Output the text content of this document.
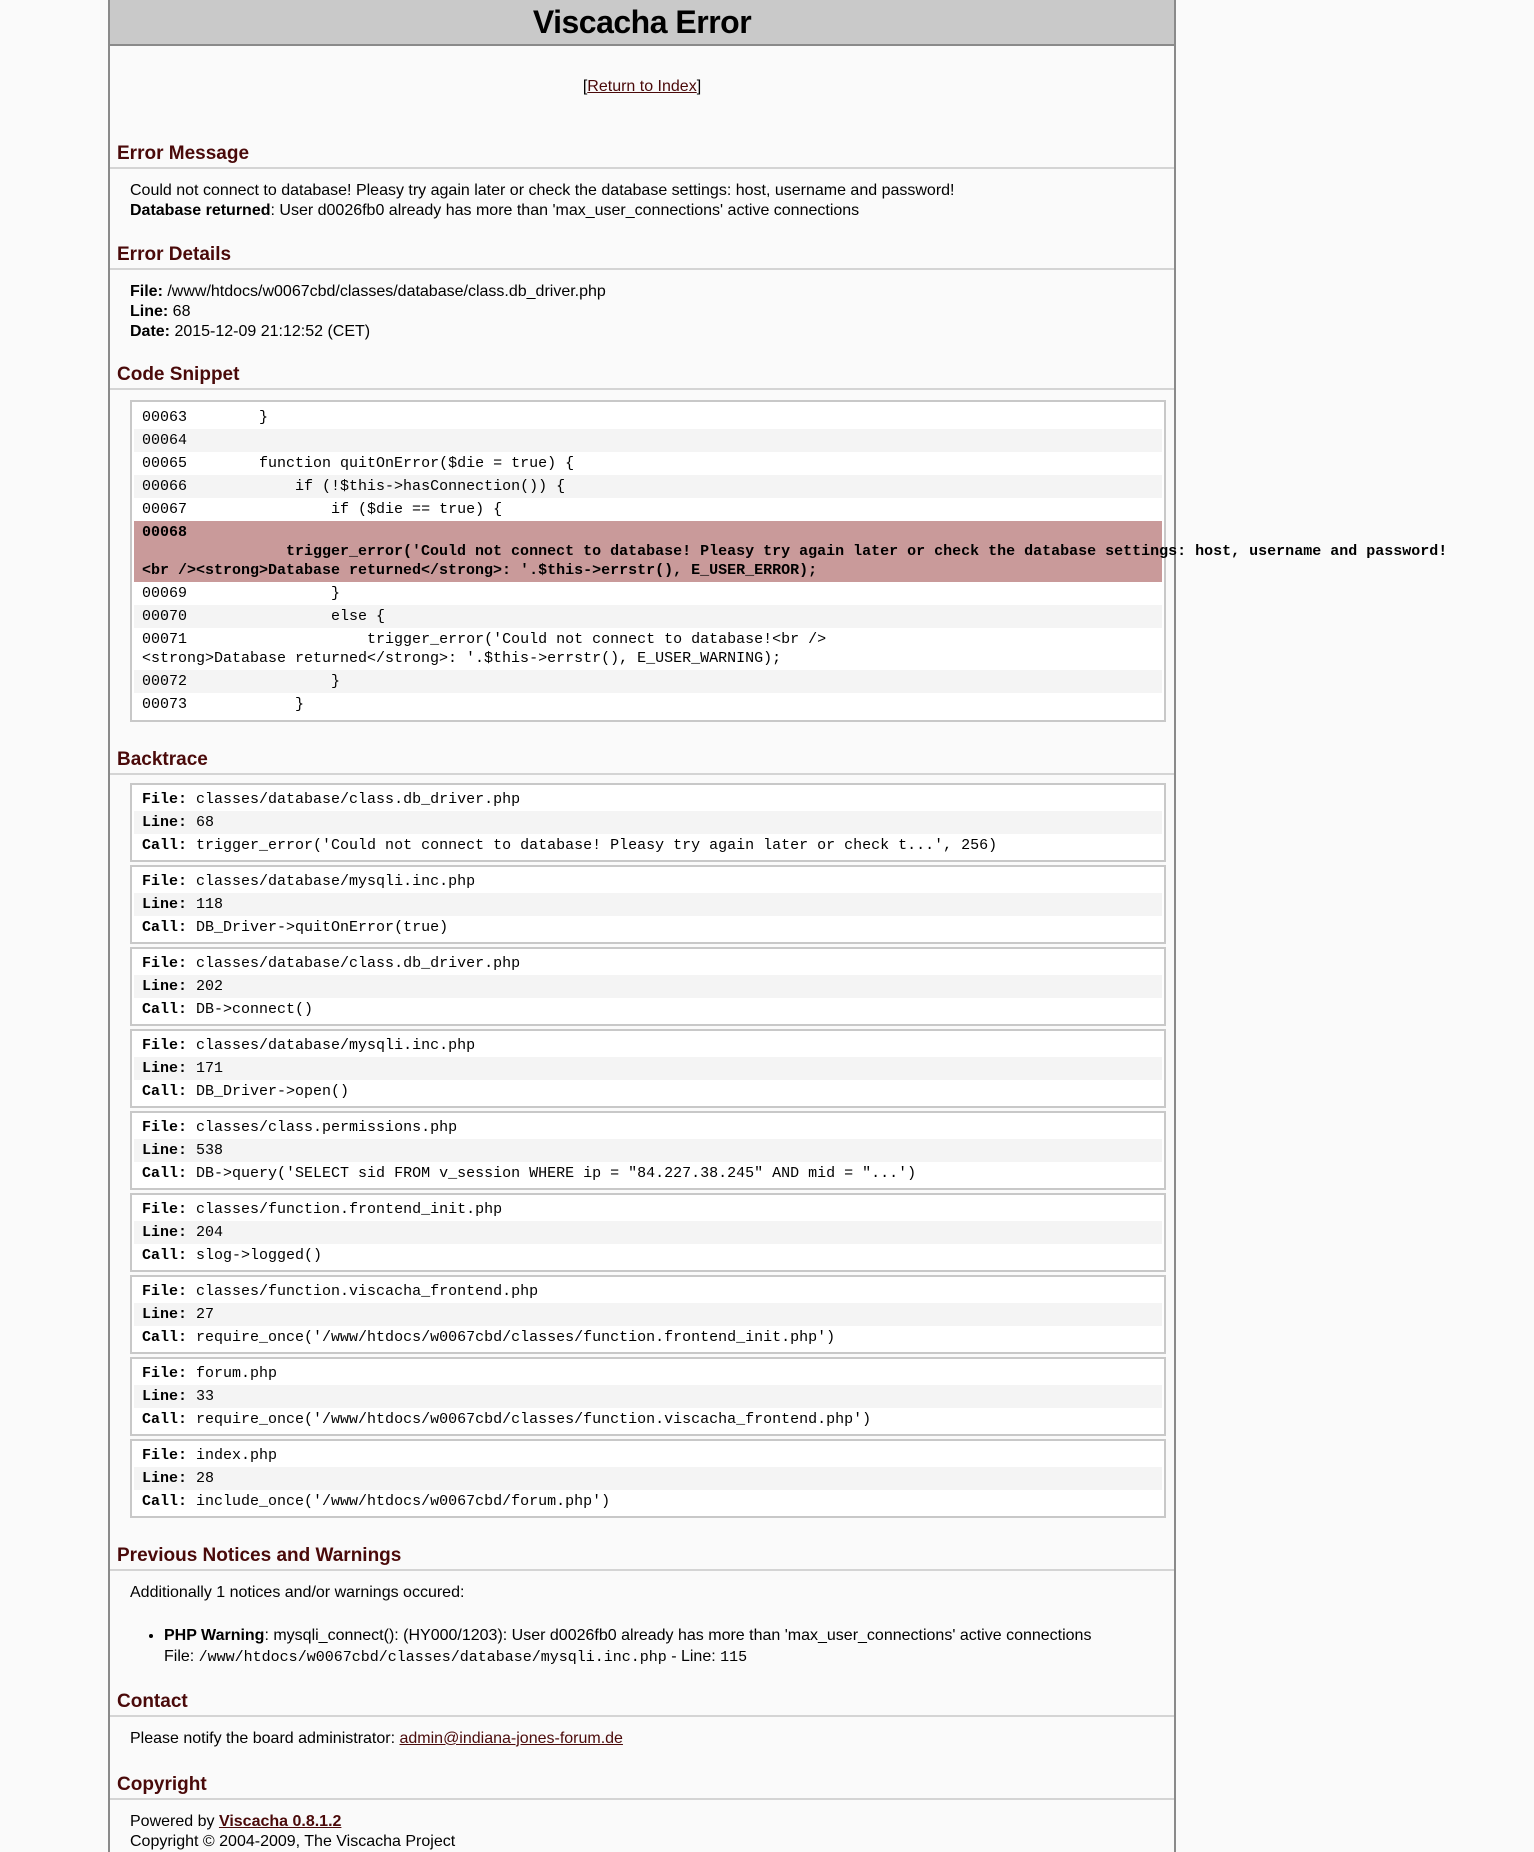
Viscacha Error
[Return to Index]
Error Message
Could not connect to database! Pleasy try again later or check the database settings: host, username and password!
Database returned: User d0026fb0 already has more than 'max_user_connections' active connections
Error Details
File: /www/htdocs/w0067cbd/classes/database/class.db_driver.php
Line: 68
Date: 2015-12-09 21:12:52 (CET)
Code Snippet
00063        }
00064
00065        function quitOnError($die = true) {
00066            if (!$this->hasConnection()) {
00067                if ($die == true) {
00068
trigger_error('Could not connect to database! Pleasy try again later or check the database settings: host, username and password!
<br /><strong>Database returned</strong>: '.$this->errstr(), E_USER_ERROR);
00069                }
00070                else {
00071                    trigger_error('Could not connect to database!<br />
<strong>Database returned</strong>: '.$this->errstr(), E_USER_WARNING);
00072                }
00073            }
Backtrace
File: classes/database/class.db_driver.php
Line: 68
Call: trigger_error('Could not connect to database! Pleasy try again later or check t...', 256)
File: classes/database/mysqli.inc.php
Line: 118
Call: DB_Driver->quitOnError(true)
File: classes/database/class.db_driver.php
Line: 202
Call: DB->connect()
File: classes/database/mysqli.inc.php
Line: 171
Call: DB_Driver->open()
File: classes/class.permissions.php
Line: 538
Call: DB->query('SELECT sid FROM v_session WHERE ip = "84.227.38.245" AND mid = "...')
File: classes/function.frontend_init.php
Line: 204
Call: slog->logged()
File: classes/function.viscacha_frontend.php
Line: 27
Call: require_once('/www/htdocs/w0067cbd/classes/function.frontend_init.php')
File: forum.php
Line: 33
Call: require_once('/www/htdocs/w0067cbd/classes/function.viscacha_frontend.php')
File: index.php
Line: 28
Call: include_once('/www/htdocs/w0067cbd/forum.php')
Previous Notices and Warnings
Additionally 1 notices and/or warnings occured:
• PHP Warning: mysqli_connect(): (HY000/1203): User d0026fb0 already has more than 'max_user_connections' active connections
File: /www/htdocs/w0067cbd/classes/database/mysqli.inc.php - Line: 115
Contact
Please notify the board administrator: admin@indiana-jones-forum.de
Copyright
Powered by Viscacha 0.8.1.2
Copyright © 2004-2009, The Viscacha Project
